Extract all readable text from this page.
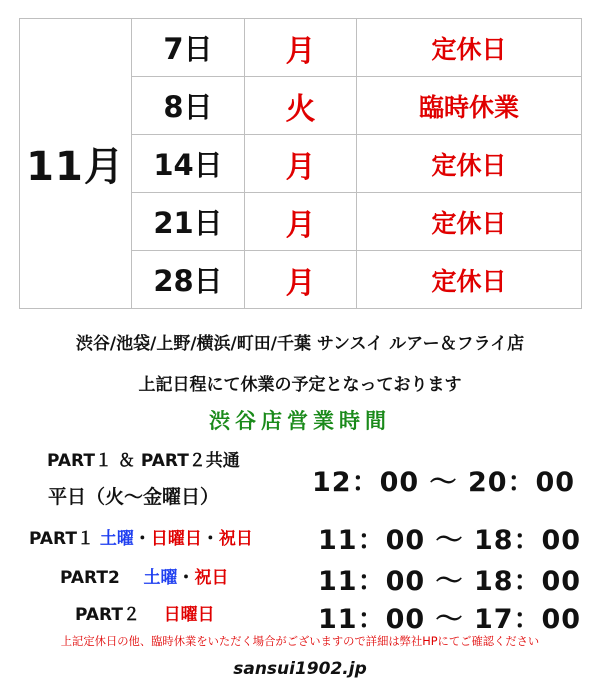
11月	7日	月	定休日
	8日	火	臨時休業
	14日	月	定休日
	21日	月	定休日
	28日	月	定休日
渋谷/池袋/上野/横浜/町田/千葉 サンスイ ルアー＆フライ店
上記日程にて休業の予定となっております
渋谷店営業時間
PART１ ＆ PART２共通
平日（火～金曜日）	12：00 ～ 20：00
PART１ 土曜・日曜日・祝日 11：00 ～ 18：00
PART2 土曜・祝日	11：00 ～ 18：00
PART２ 日曜日	11：00 ～ 17：00
上記定休日の他、臨時休業をいただく場合がございますので詳細は弊社HPにてご確認ください
sansui1902.jp
